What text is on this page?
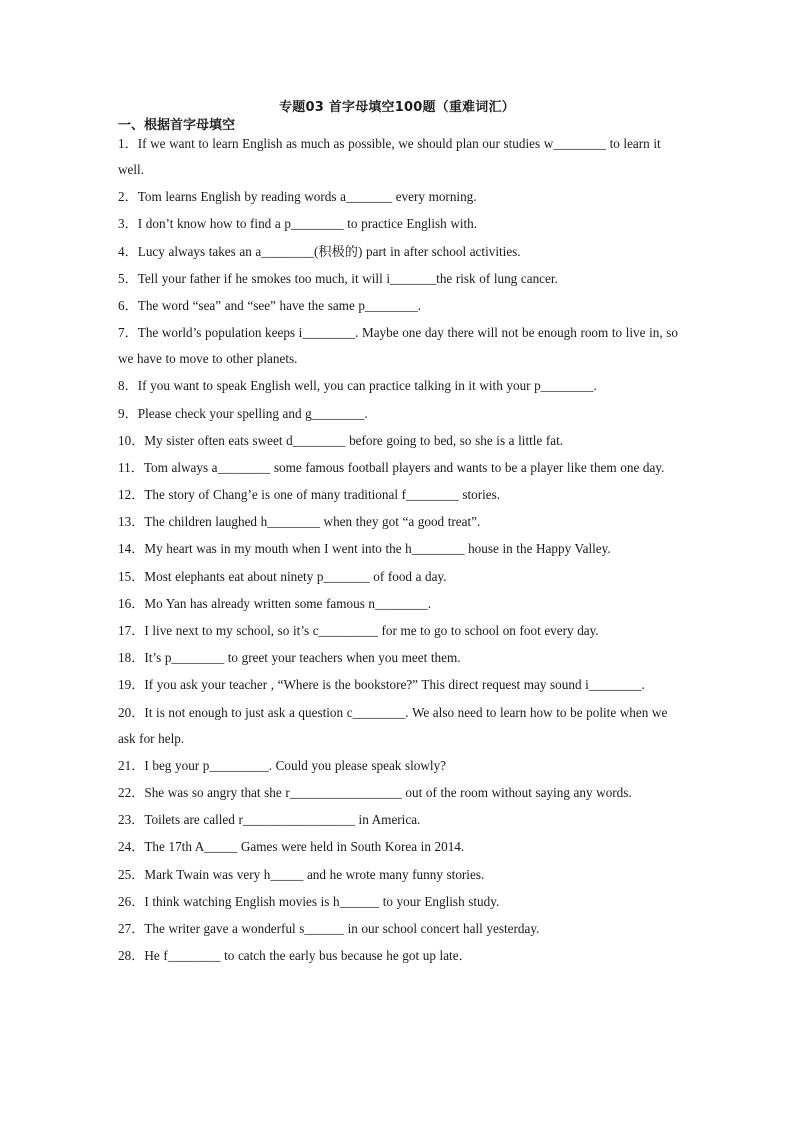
专题03 首字母填空100题（重难词汇）
一、根据首字母填空
1．If we want to learn English as much as possible, we should plan our studies w________ to learn it well.
2．Tom learns English by reading words a_______ every morning.
3．I don’t know how to find a p________ to practice English with.
4．Lucy always takes an a________(积极的) part in after school activities.
5．Tell your father if he smokes too much, it will i_______the risk of lung cancer.
6．The word “sea” and “see” have the same p________.
7．The world’s population keeps i________. Maybe one day there will not be enough room to live in, so we have to move to other planets.
8．If you want to speak English well, you can practice talking in it with your p________.
9．Please check your spelling and g________.
10．My sister often eats sweet d________ before going to bed, so she is a little fat.
11．Tom always a________ some famous football players and wants to be a player like them one day.
12．The story of Chang’e is one of many traditional f________ stories.
13．The children laughed h________ when they got “a good treat”.
14．My heart was in my mouth when I went into the h________ house in the Happy Valley.
15．Most elephants eat about ninety p_______ of food a day.
16．Mo Yan has already written some famous n________.
17．I live next to my school, so it’s c_________ for me to go to school on foot every day.
18．It’s p________ to greet your teachers when you meet them.
19．If you ask your teacher , “Where is the bookstore?” This direct request may sound i________.
20．It is not enough to just ask a question c________. We also need to learn how to be polite when we ask for help.
21．I beg your p_________. Could you please speak slowly?
22．She was so angry that she r_________________ out of the room without saying any words.
23．Toilets are called r_________________ in America.
24．The 17th A_____ Games were held in South Korea in 2014.
25．Mark Twain was very h_____ and he wrote many funny stories.
26．I think watching English movies is h______ to your English study.
27．The writer gave a wonderful s______ in our school concert hall yesterday.
28．He f________ to catch the early bus because he got up late．
